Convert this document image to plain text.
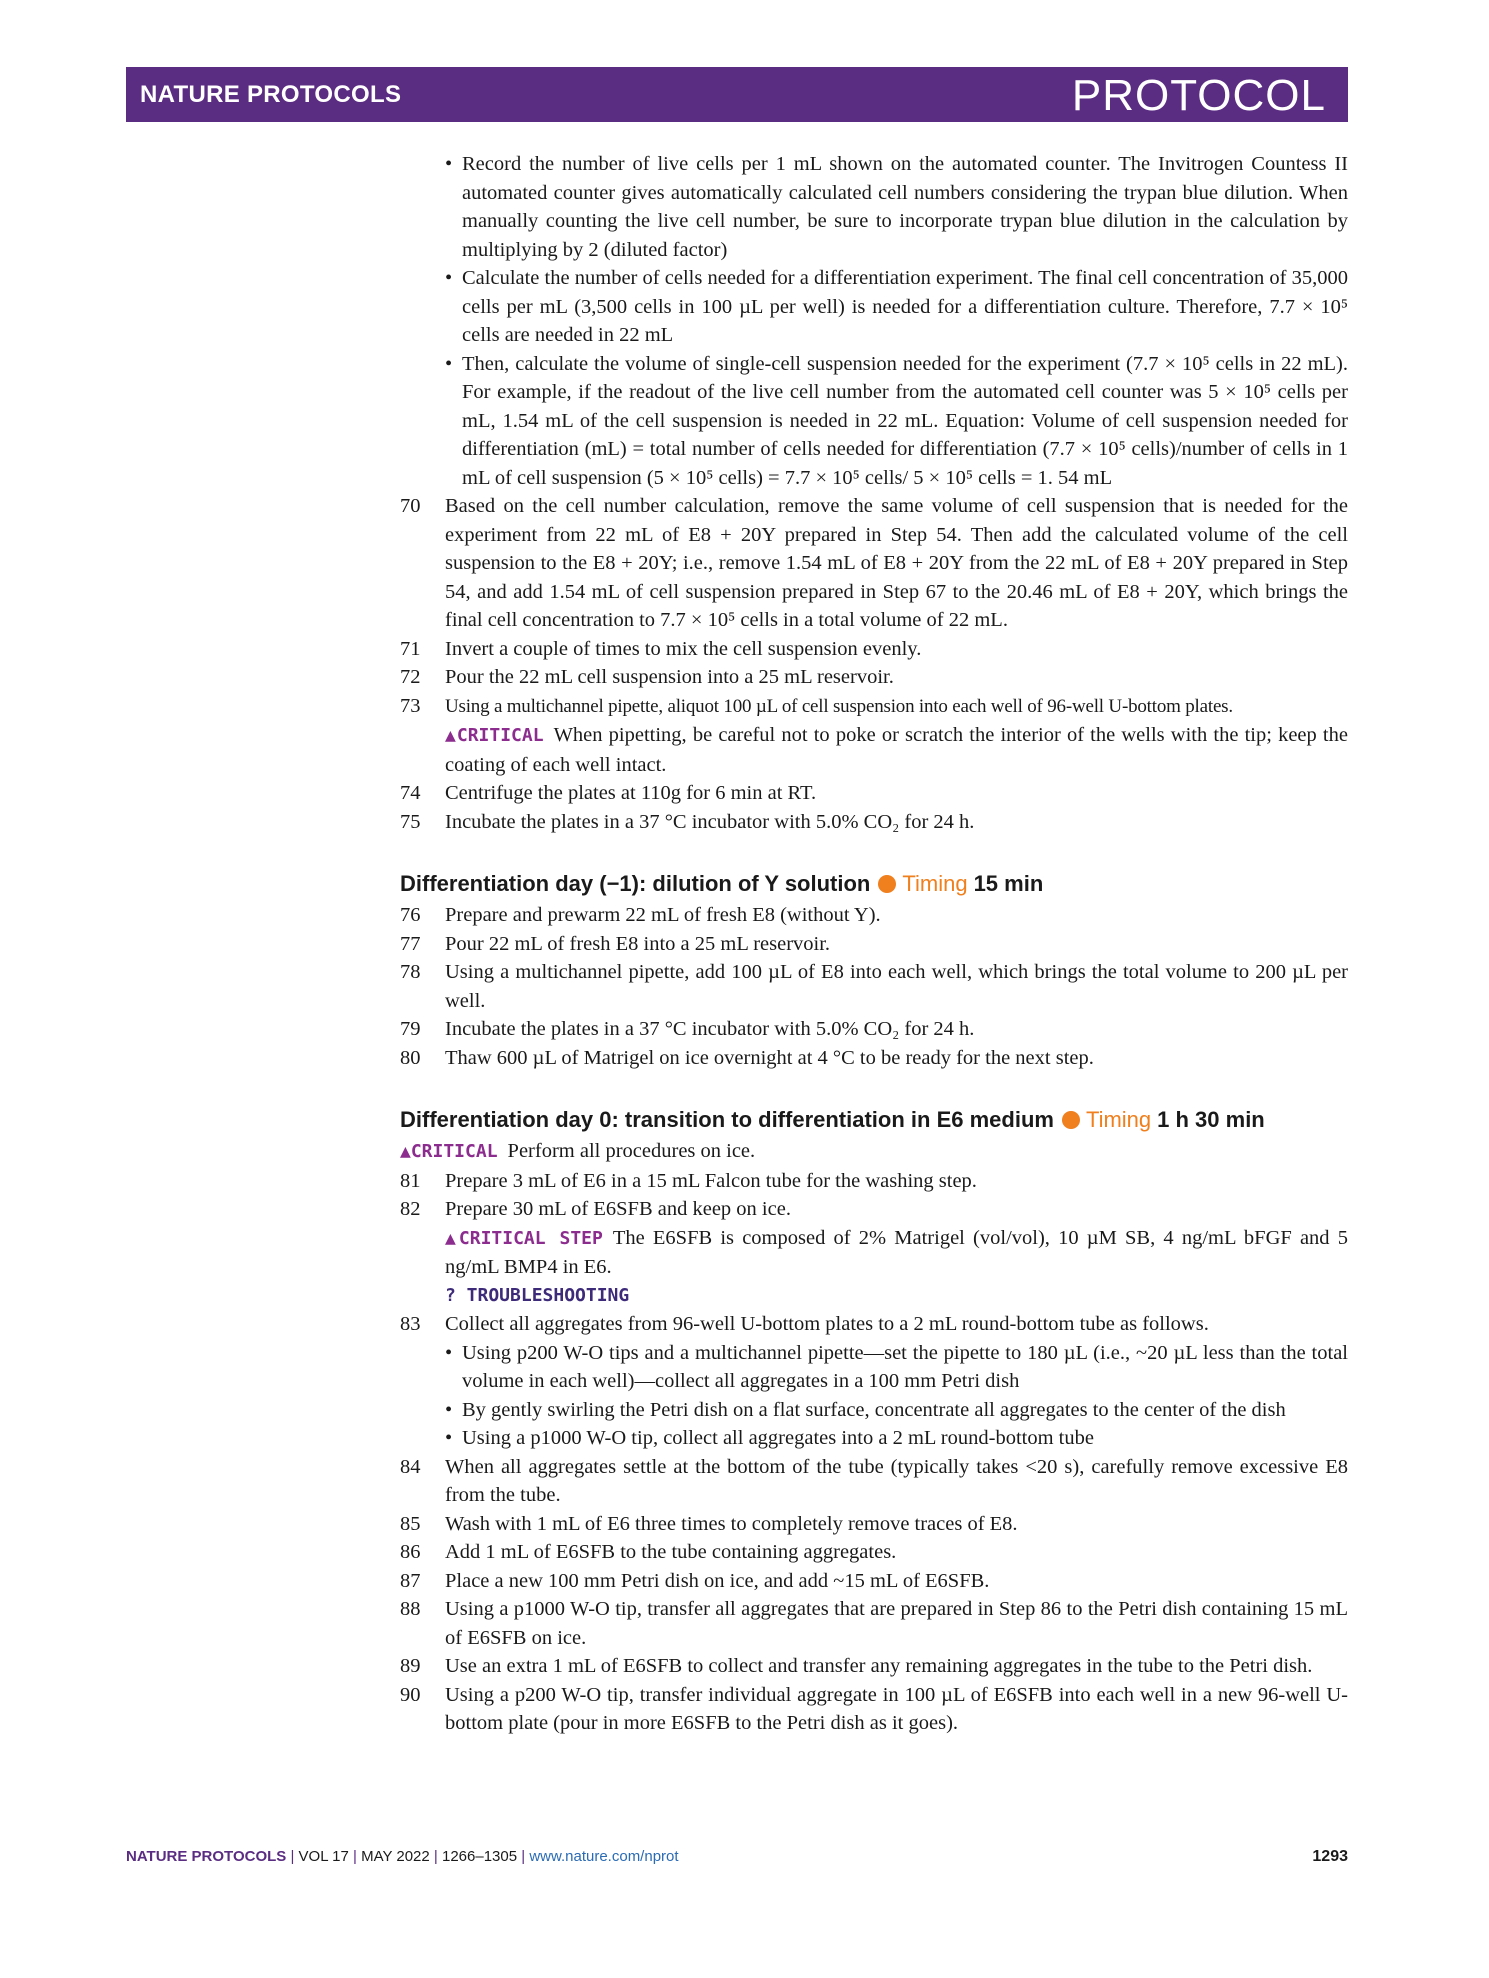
NATURE PROTOCOLS	PROTOCOL
• Record the number of live cells per 1 mL shown on the automated counter. The Invitrogen Countess II automated counter gives automatically calculated cell numbers considering the trypan blue dilution. When manually counting the live cell number, be sure to incorporate trypan blue dilution in the calculation by multiplying by 2 (diluted factor)
• Calculate the number of cells needed for a differentiation experiment. The final cell concentration of 35,000 cells per mL (3,500 cells in 100 µL per well) is needed for a differentiation culture. Therefore, 7.7 × 10⁵ cells are needed in 22 mL
• Then, calculate the volume of single-cell suspension needed for the experiment (7.7 × 10⁵ cells in 22 mL). For example, if the readout of the live cell number from the automated cell counter was 5 × 10⁵ cells per mL, 1.54 mL of the cell suspension is needed in 22 mL. Equation: Volume of cell suspension needed for differentiation (mL) = total number of cells needed for differentiation (7.7 × 10⁵ cells)/number of cells in 1 mL of cell suspension (5 × 10⁵ cells) = 7.7 × 10⁵ cells/ 5 × 10⁵ cells = 1. 54 mL
70 Based on the cell number calculation, remove the same volume of cell suspension that is needed for the experiment from 22 mL of E8 + 20Y prepared in Step 54. Then add the calculated volume of the cell suspension to the E8 + 20Y; i.e., remove 1.54 mL of E8 + 20Y from the 22 mL of E8 + 20Y prepared in Step 54, and add 1.54 mL of cell suspension prepared in Step 67 to the 20.46 mL of E8 + 20Y, which brings the final cell concentration to 7.7 × 10⁵ cells in a total volume of 22 mL.
71 Invert a couple of times to mix the cell suspension evenly.
72 Pour the 22 mL cell suspension into a 25 mL reservoir.
73 Using a multichannel pipette, aliquot 100 µL of cell suspension into each well of 96-well U-bottom plates.
▲CRITICAL When pipetting, be careful not to poke or scratch the interior of the wells with the tip; keep the coating of each well intact.
74 Centrifuge the plates at 110g for 6 min at RT.
75 Incubate the plates in a 37 °C incubator with 5.0% CO₂ for 24 h.
Differentiation day (−1): dilution of Y solution Timing 15 min
76 Prepare and prewarm 22 mL of fresh E8 (without Y).
77 Pour 22 mL of fresh E8 into a 25 mL reservoir.
78 Using a multichannel pipette, add 100 µL of E8 into each well, which brings the total volume to 200 µL per well.
79 Incubate the plates in a 37 °C incubator with 5.0% CO₂ for 24 h.
80 Thaw 600 µL of Matrigel on ice overnight at 4 °C to be ready for the next step.
Differentiation day 0: transition to differentiation in E6 medium Timing 1 h 30 min
▲CRITICAL Perform all procedures on ice.
81 Prepare 3 mL of E6 in a 15 mL Falcon tube for the washing step.
82 Prepare 30 mL of E6SFB and keep on ice.
▲CRITICAL STEP The E6SFB is composed of 2% Matrigel (vol/vol), 10 µM SB, 4 ng/mL bFGF and 5 ng/mL BMP4 in E6.
? TROUBLESHOOTING
83 Collect all aggregates from 96-well U-bottom plates to a 2 mL round-bottom tube as follows.
• Using p200 W-O tips and a multichannel pipette—set the pipette to 180 µL (i.e., ~20 µL less than the total volume in each well)—collect all aggregates in a 100 mm Petri dish
• By gently swirling the Petri dish on a flat surface, concentrate all aggregates to the center of the dish
• Using a p1000 W-O tip, collect all aggregates into a 2 mL round-bottom tube
84 When all aggregates settle at the bottom of the tube (typically takes <20 s), carefully remove excessive E8 from the tube.
85 Wash with 1 mL of E6 three times to completely remove traces of E8.
86 Add 1 mL of E6SFB to the tube containing aggregates.
87 Place a new 100 mm Petri dish on ice, and add ~15 mL of E6SFB.
88 Using a p1000 W-O tip, transfer all aggregates that are prepared in Step 86 to the Petri dish containing 15 mL of E6SFB on ice.
89 Use an extra 1 mL of E6SFB to collect and transfer any remaining aggregates in the tube to the Petri dish.
90 Using a p200 W-O tip, transfer individual aggregate in 100 µL of E6SFB into each well in a new 96-well U-bottom plate (pour in more E6SFB to the Petri dish as it goes).
NATURE PROTOCOLS | VOL 17 | MAY 2022 | 1266–1305 | www.nature.com/nprot	1293
